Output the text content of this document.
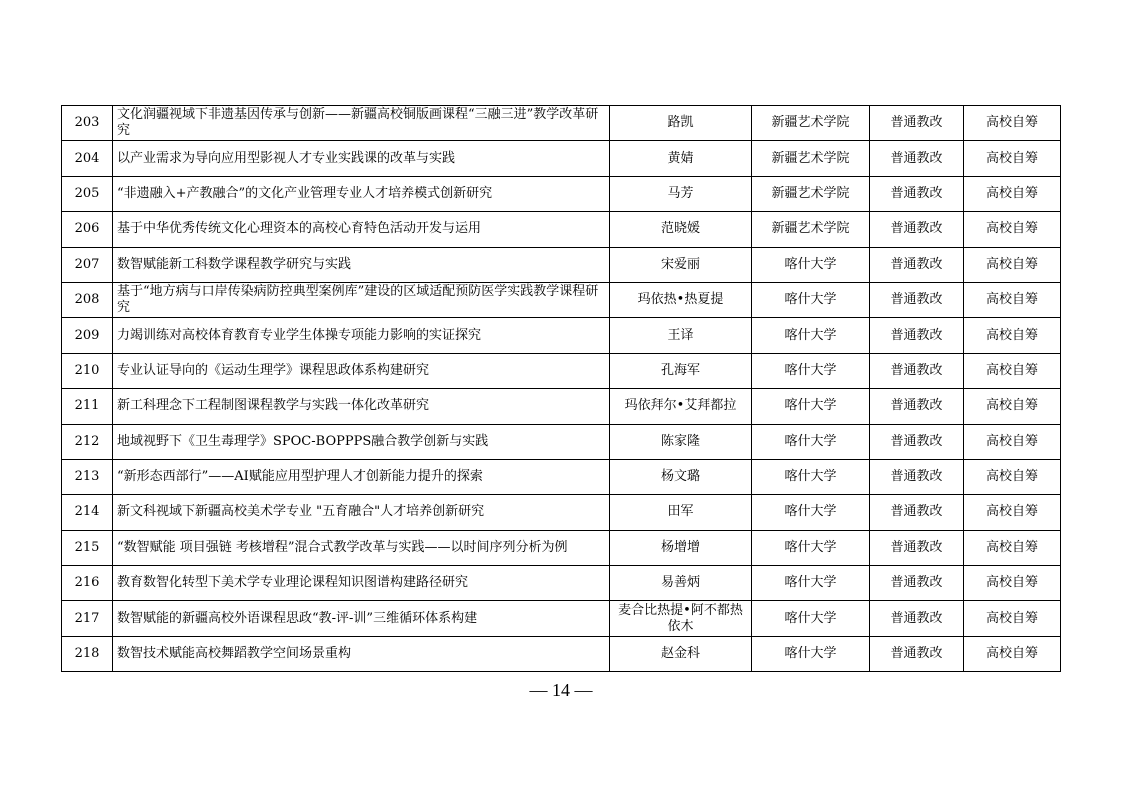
203	文化润疆视域下非遗基因传承与创新——新疆高校铜版画课程“三融三进”教学改革研究	路凯	新疆艺术学院	普通教改	高校自筹
204	以产业需求为导向应用型影视人才专业实践课的改革与实践	黄婧	新疆艺术学院	普通教改	高校自筹
205	“非遗融入+产教融合”的文化产业管理专业人才培养模式创新研究	马芳	新疆艺术学院	普通教改	高校自筹
206	基于中华优秀传统文化心理资本的高校心育特色活动开发与运用	范晓媛	新疆艺术学院	普通教改	高校自筹
207	数智赋能新工科数学课程教学研究与实践	宋爱丽	喀什大学	普通教改	高校自筹
208	基于“地方病与口岸传染病防控典型案例库”建设的区域适配预防医学实践教学课程研究	玛依热•热夏提	喀什大学	普通教改	高校自筹
209	力竭训练对高校体育教育专业学生体操专项能力影响的实证探究	王译	喀什大学	普通教改	高校自筹
210	专业认证导向的《运动生理学》课程思政体系构建研究	孔海军	喀什大学	普通教改	高校自筹
211	新工科理念下工程制图课程教学与实践一体化改革研究	玛依拜尔•艾拜都拉	喀什大学	普通教改	高校自筹
212	地域视野下《卫生毒理学》SPOC-BOPPPS融合教学创新与实践	陈家隆	喀什大学	普通教改	高校自筹
213	“新形态西部行”——AI赋能应用型护理人才创新能力提升的探索	杨文璐	喀什大学	普通教改	高校自筹
214	新文科视域下新疆高校美术学专业 "五育融合"人才培养创新研究	田军	喀什大学	普通教改	高校自筹
215	“数智赋能 项目强链 考核增程”混合式教学改革与实践——以时间序列分析为例	杨增增	喀什大学	普通教改	高校自筹
216	教育数智化转型下美术学专业理论课程知识图谱构建路径研究	易善炳	喀什大学	普通教改	高校自筹
217	数智赋能的新疆高校外语课程思政“教-评-训”三维循环体系构建	麦合比热提•阿不都热依木	喀什大学	普通教改	高校自筹
218	数智技术赋能高校舞蹈教学空间场景重构	赵金科	喀什大学	普通教改	高校自筹
— 14 —
